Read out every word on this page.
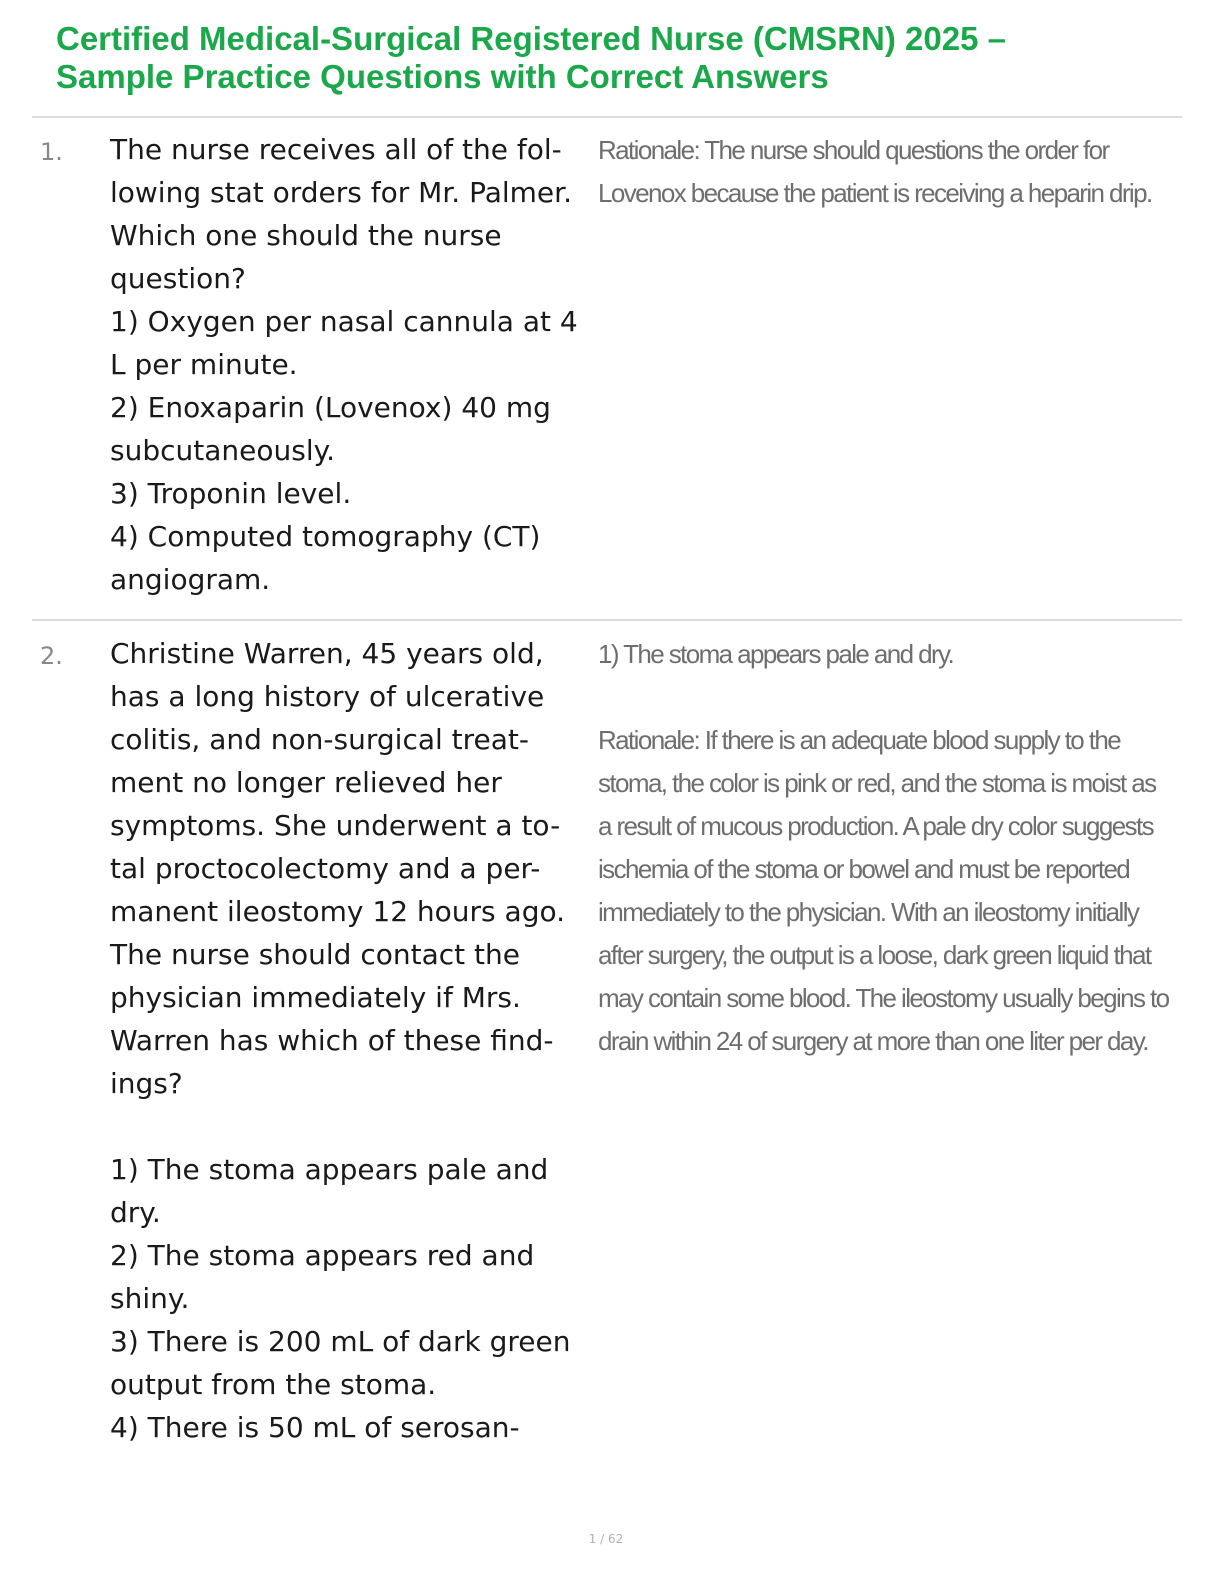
Certified Medical-Surgical Registered Nurse (CMSRN) 2025 –
Sample Practice Questions with Correct Answers
1. The nurse receives all of the fol-
lowing stat orders for Mr. Palmer.
Which one should the nurse
question?
1) Oxygen per nasal cannula at 4
L per minute.
2) Enoxaparin (Lovenox) 40 mg
subcutaneously.
3) Troponin level.
4) Computed tomography (CT)
angiogram.
Rationale: The nurse should questions the order for
Lovenox because the patient is receiving a heparin drip.
2. Christine Warren, 45 years old,
has a long history of ulcerative
colitis, and non-surgical treat-
ment no longer relieved her
symptoms. She underwent a to-
tal proctocolectomy and a per-
manent ileostomy 12 hours ago.
The nurse should contact the
physician immediately if Mrs.
Warren has which of these find-
ings?

1) The stoma appears pale and
dry.
2) The stoma appears red and
shiny.
3) There is 200 mL of dark green
output from the stoma.
4) There is 50 mL of serosan-
1) The stoma appears pale and dry.

Rationale: If there is an adequate blood supply to the
stoma, the color is pink or red, and the stoma is moist as
a result of mucous production. A pale dry color suggests
ischemia of the stoma or bowel and must be reported
immediately to the physician. With an ileostomy initially
after surgery, the output is a loose, dark green liquid that
may contain some blood. The ileostomy usually begins to
drain within 24 of surgery at more than one liter per day.
1 / 62
